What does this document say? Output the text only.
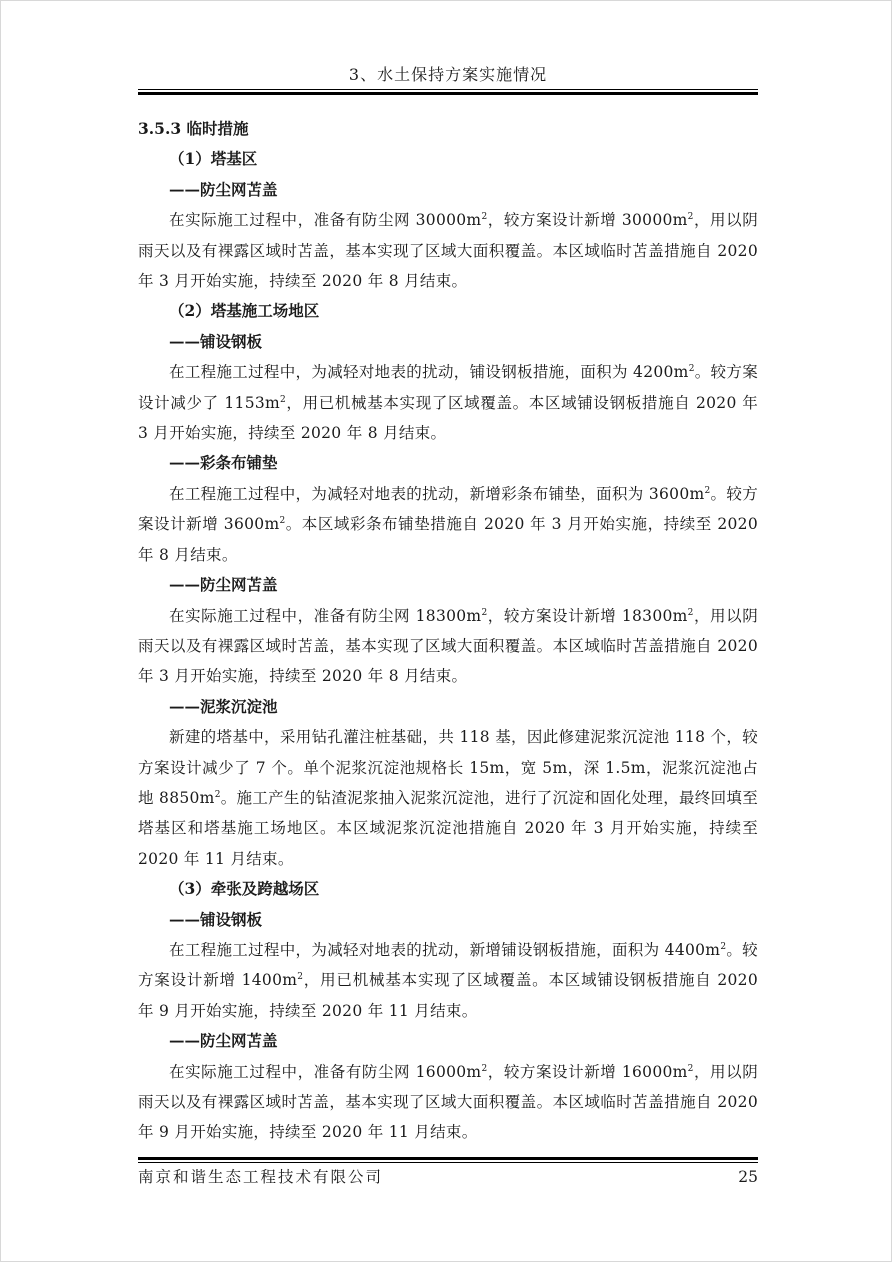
3、水土保持方案实施情况

3.5.3 临时措施

（1）塔基区

——防尘网苫盖

在实际施工过程中，准备有防尘网 $30000m^2$，较方案设计新增 $30000m^2$，用以阴雨天以及有裸露区域时苫盖，基本实现了区域大面积覆盖。本区域临时苫盖措施自 2020 年 3 月开始实施，持续至 2020 年 8 月结束。

（2）塔基施工场地区

——铺设钢板

在工程施工过程中，为减轻对地表的扰动，铺设钢板措施，面积为 $4200m^2$。较方案设计减少了 $1153m^2$，用已机械基本实现了区域覆盖。本区域铺设钢板措施自 2020 年 3 月开始实施，持续至 2020 年 8 月结束。

——彩条布铺垫

在工程施工过程中，为减轻对地表的扰动，新增彩条布铺垫，面积为 $3600m^2$。较方案设计新增 $3600m^2$。本区域彩条布铺垫措施自 2020 年 3 月开始实施，持续至 2020 年 8 月结束。

——防尘网苫盖

在实际施工过程中，准备有防尘网 $18300m^2$，较方案设计新增 $18300m^2$，用以阴雨天以及有裸露区域时苫盖，基本实现了区域大面积覆盖。本区域临时苫盖措施自 2020 年 3 月开始实施，持续至 2020 年 8 月结束。

——泥浆沉淀池

新建的塔基中，采用钻孔灌注桩基础，共 118 基，因此修建泥浆沉淀池 118 个，较方案设计减少了 7 个。单个泥浆沉淀池规格长 15m，宽 5m，深 1.5m，泥浆沉淀池占地 $8850m^2$。施工产生的钻渣泥浆抽入泥浆沉淀池，进行了沉淀和固化处理，最终回填至塔基区和塔基施工场地区。本区域泥浆沉淀池措施自 2020 年 3 月开始实施，持续至 2020 年 11 月结束。

（3）牵张及跨越场区

——铺设钢板

在工程施工过程中，为减轻对地表的扰动，新增铺设钢板措施，面积为 $4400m^2$。较方案设计新增 $1400m^2$，用已机械基本实现了区域覆盖。本区域铺设钢板措施自 2020 年 9 月开始实施，持续至 2020 年 11 月结束。

——防尘网苫盖

在实际施工过程中，准备有防尘网 $16000m^2$，较方案设计新增 $16000m^2$，用以阴雨天以及有裸露区域时苫盖，基本实现了区域大面积覆盖。本区域临时苫盖措施自 2020 年 9 月开始实施，持续至 2020 年 11 月结束。

南京和谐生态工程技术有限公司	25
